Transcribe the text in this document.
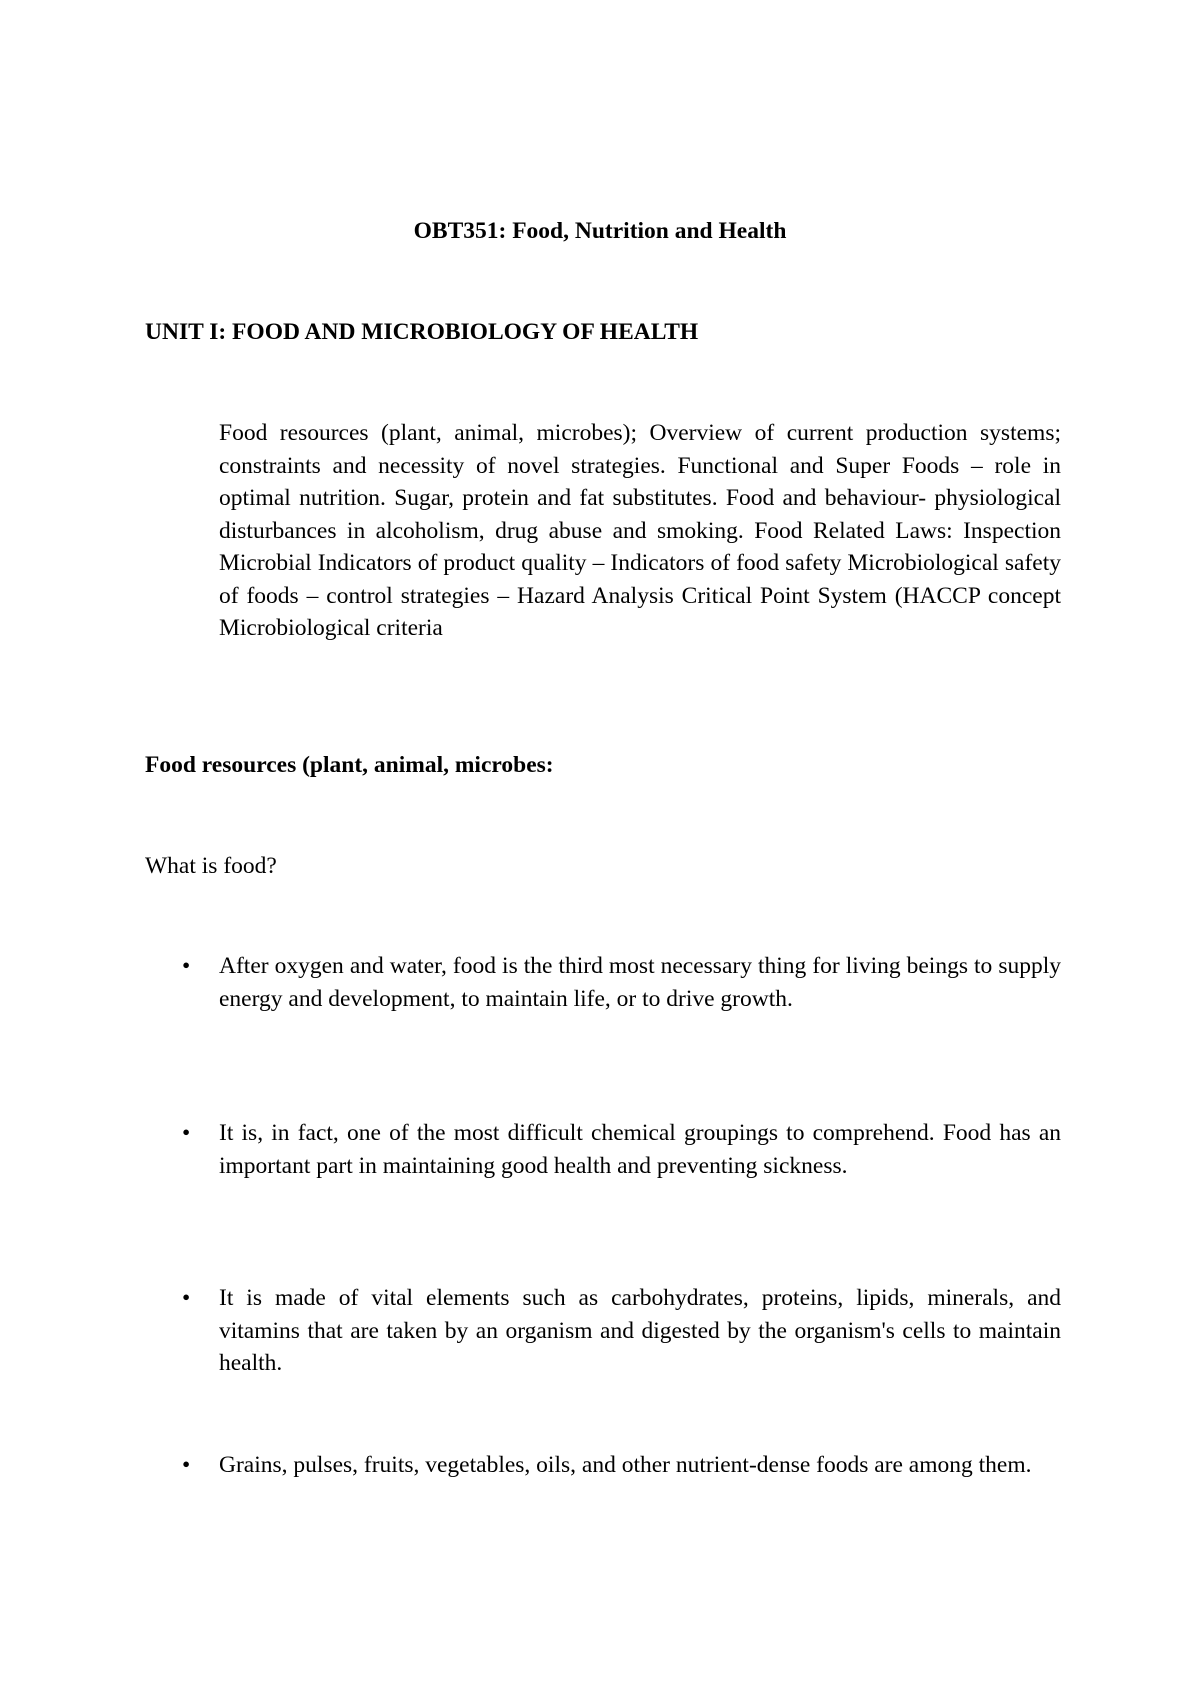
OBT351: Food, Nutrition and Health
UNIT I: FOOD AND MICROBIOLOGY OF HEALTH

Food resources (plant, animal, microbes); Overview of current production systems; constraints and necessity of novel strategies. Functional and Super Foods – role in optimal nutrition. Sugar, protein and fat substitutes. Food and behaviour- physiological disturbances in alcoholism, drug abuse and smoking. Food Related Laws: Inspection Microbial Indicators of product quality – Indicators of food safety Microbiological safety of foods – control strategies – Hazard Analysis Critical Point System (HACCP concept Microbiological criteria

Food resources (plant, animal, microbes:

What is food?

•	After oxygen and water, food is the third most necessary thing for living beings to supply energy and development, to maintain life, or to drive growth.

•	It is, in fact, one of the most difficult chemical groupings to comprehend. Food has an important part in maintaining good health and preventing sickness.

•	It is made of vital elements such as carbohydrates, proteins, lipids, minerals, and vitamins that are taken by an organism and digested by the organism's cells to maintain health.

•	Grains, pulses, fruits, vegetables, oils, and other nutrient-dense foods are among them.
